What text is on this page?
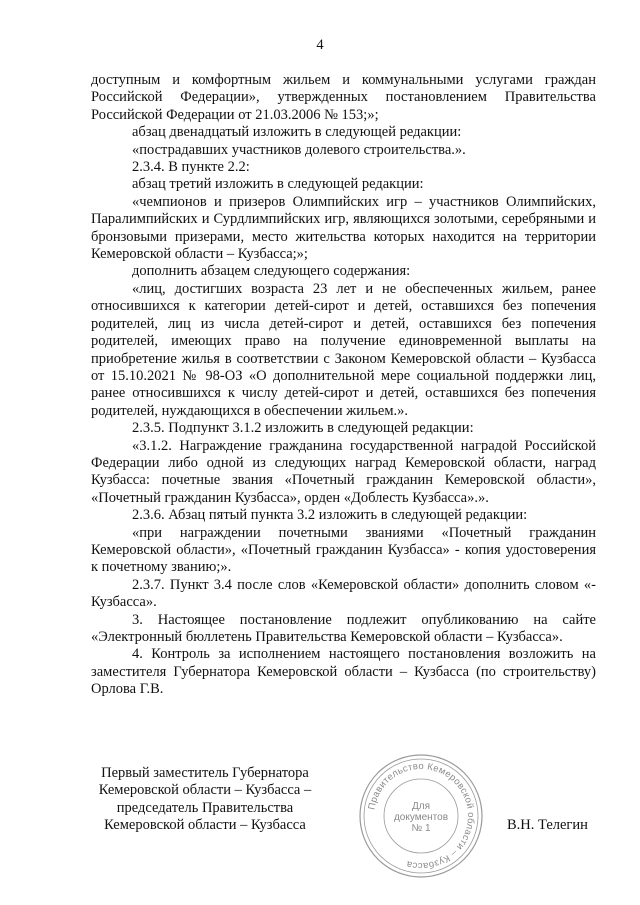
4

доступным и комфортным жильем и коммунальными услугами граждан Российской Федерации», утвержденных постановлением Правительства Российской Федерации от 21.03.2006 № 153;»;

абзац двенадцатый изложить в следующей редакции:

«пострадавших участников долевого строительства.».

2.3.4. В пункте 2.2:

абзац третий изложить в следующей редакции:

«чемпионов и призеров Олимпийских игр – участников Олимпийских, Паралимпийских и Сурдлимпийских игр, являющихся золотыми, серебряными и бронзовыми призерами, место жительства которых находится на территории Кемеровской области – Кузбасса;»;

дополнить абзацем следующего содержания:

«лиц, достигших возраста 23 лет и не обеспеченных жильем, ранее относившихся к категории детей-сирот и детей, оставшихся без попечения родителей, лиц из числа детей-сирот и детей, оставшихся без попечения родителей, имеющих право на получение единовременной выплаты на приобретение жилья в соответствии с Законом Кемеровской области – Кузбасса от 15.10.2021 № 98-ОЗ «О дополнительной мере социальной поддержки лиц, ранее относившихся к числу детей-сирот и детей, оставшихся без попечения родителей, нуждающихся в обеспечении жильем.».

2.3.5. Подпункт 3.1.2 изложить в следующей редакции:

«3.1.2. Награждение гражданина государственной наградой Российской Федерации либо одной из следующих наград Кемеровской области, наград Кузбасса: почетные звания «Почетный гражданин Кемеровской области», «Почетный гражданин Кузбасса», орден «Доблесть Кузбасса».».

2.3.6. Абзац пятый пункта 3.2 изложить в следующей редакции:

«при награждении почетными званиями «Почетный гражданин Кемеровской области», «Почетный гражданин Кузбасса» - копия удостоверения к почетному званию;».

2.3.7. Пункт 3.4 после слов «Кемеровской области» дополнить словом «- Кузбасса».

3. Настоящее постановление подлежит опубликованию на сайте «Электронный бюллетень Правительства Кемеровской области – Кузбасса».

4. Контроль за исполнением настоящего постановления возложить на заместителя Губернатора Кемеровской области – Кузбасса (по строительству) Орлова Г.В.

Первый заместитель Губернатора
Кемеровской области – Кузбасса –
председатель Правительства
Кемеровской области – Кузбасса	В.Н. Телегин
Правительство Кемеровской области – Кузбасса
Для
документов
№ 1
